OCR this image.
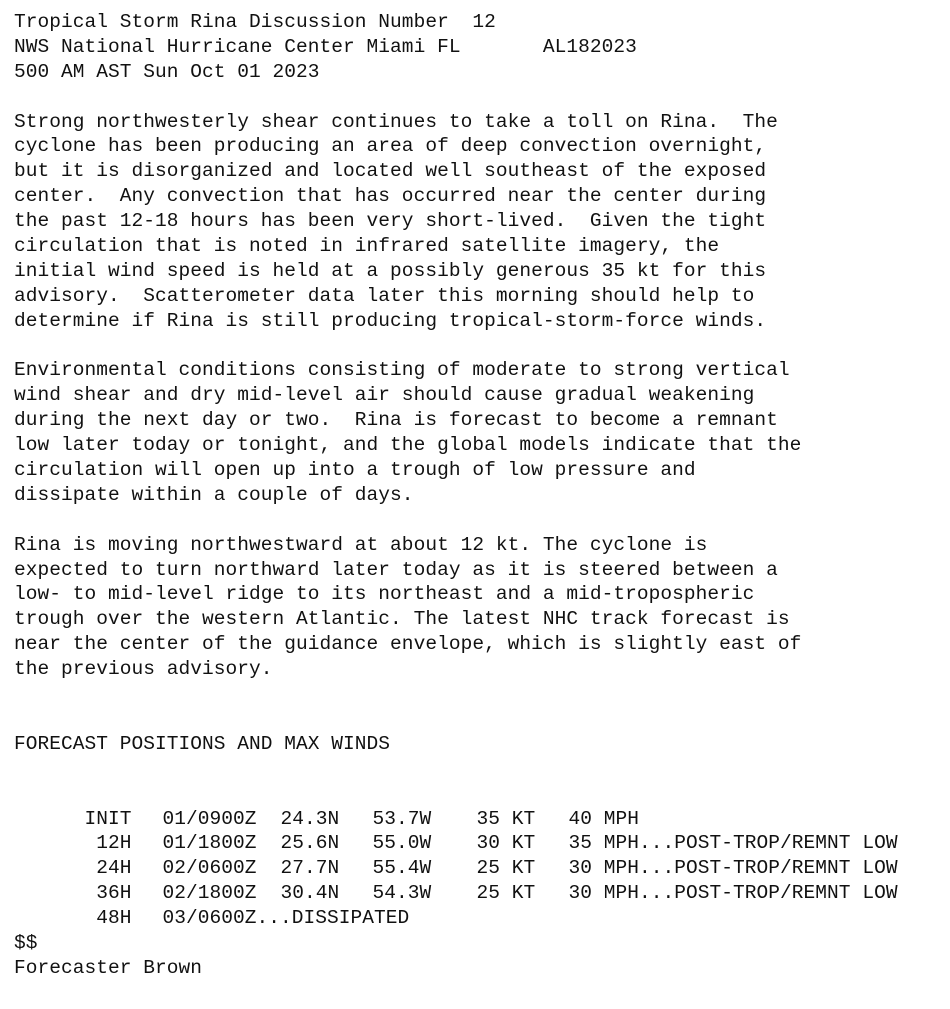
Tropical Storm Rina Discussion Number  12
NWS National Hurricane Center Miami FL       AL182023
500 AM AST Sun Oct 01 2023
Strong northwesterly shear continues to take a toll on Rina.  The
cyclone has been producing an area of deep convection overnight,
but it is disorganized and located well southeast of the exposed
center.  Any convection that has occurred near the center during
the past 12-18 hours has been very short-lived.  Given the tight
circulation that is noted in infrared satellite imagery, the
initial wind speed is held at a possibly generous 35 kt for this
advisory.  Scatterometer data later this morning should help to
determine if Rina is still producing tropical-storm-force winds.
Environmental conditions consisting of moderate to strong vertical
wind shear and dry mid-level air should cause gradual weakening
during the next day or two.  Rina is forecast to become a remnant
low later today or tonight, and the global models indicate that the
circulation will open up into a trough of low pressure and
dissipate within a couple of days.
Rina is moving northwestward at about 12 kt. The cyclone is
expected to turn northward later today as it is steered between a
low- to mid-level ridge to its northeast and a mid-tropospheric
trough over the western Atlantic. The latest NHC track forecast is
near the center of the guidance envelope, which is slightly east of
the previous advisory.
FORECAST POSITIONS AND MAX WINDS

INIT 01/0900Z 24.3N 53.7W 35 KT 40 MPH

12H 01/1800Z 25.6N 55.0W 30 KT 35 MPH...POST-TROP/REMNT LOW

24H 02/0600Z 27.7N 55.4W 25 KT 30 MPH...POST-TROP/REMNT LOW

36H 02/1800Z 30.4N 54.3W 25 KT 30 MPH...POST-TROP/REMNT LOW

48H 03/0600Z...DISSIPATED

$$
Forecaster Brown
